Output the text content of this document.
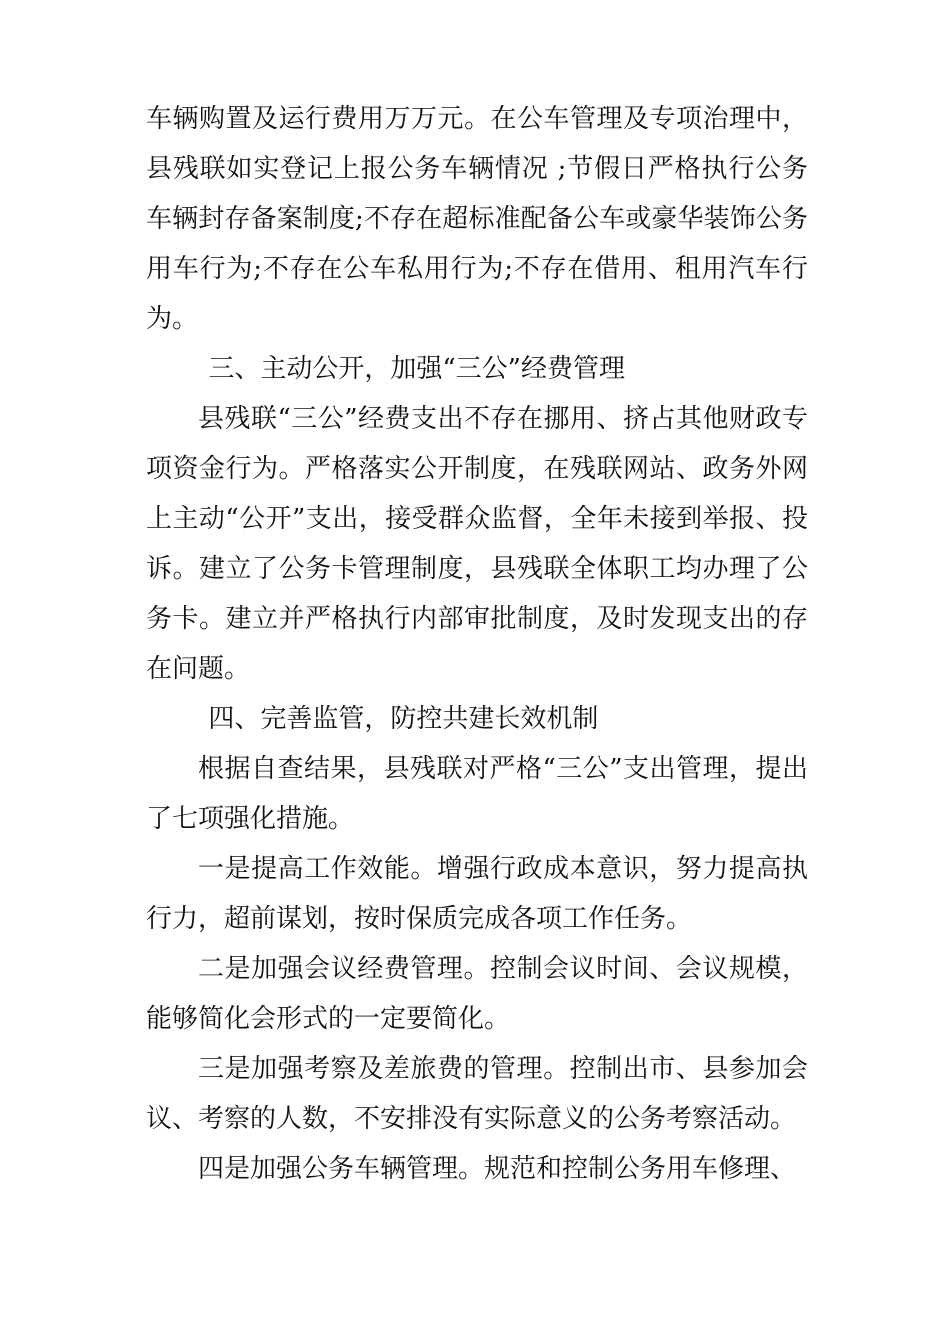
车辆购置及运行费用万万元。在公车管理及专项治理中，县残联如实登记上报公务车辆情况 ;节假日严格执行公务车辆封存备案制度;不存在超标准配备公车或豪华装饰公务用车行为;不存在公车私用行为;不存在借用、租用汽车行为。

三、主动公开，加强“三公”经费管理

县残联“三公”经费支出不存在挪用、挤占其他财政专项资金行为。严格落实公开制度，在残联网站、政务外网上主动“公开”支出，接受群众监督，全年未接到举报、投诉。建立了公务卡管理制度，县残联全体职工均办理了公务卡。建立并严格执行内部审批制度，及时发现支出的存在问题。

四、完善监管，防控共建长效机制

根据自查结果，县残联对严格“三公”支出管理，提出了七项强化措施。

一是提高工作效能。增强行政成本意识，努力提高执行力，超前谋划，按时保质完成各项工作任务。

二是加强会议经费管理。控制会议时间、会议规模，能够简化会形式的一定要简化。

三是加强考察及差旅费的管理。控制出市、县参加会议、考察的人数，不安排没有实际意义的公务考察活动。

四是加强公务车辆管理。规范和控制公务用车修理、
